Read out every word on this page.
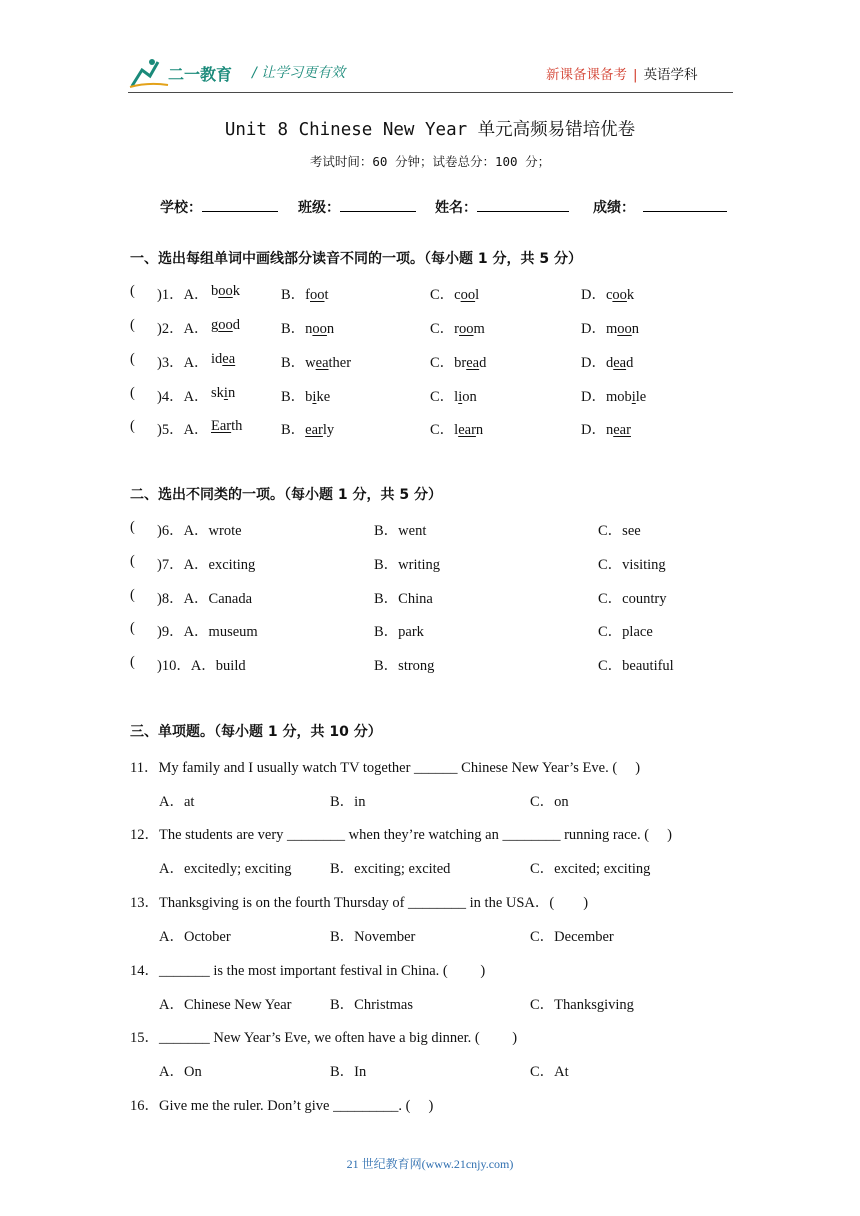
二一教育 / 让学习更有效	新课备课备考 | 英语学科
Unit 8 Chinese New Year 单元高频易错培优卷
考试时间：60 分钟；试卷总分：100 分；
学校：	班级：	姓名：	成绩：
一、选出每组单词中画线部分读音不同的一项。（每小题 1 分，共 5 分）
( )1．A． book	B．foot	C．cool	D．cook
( )2．A． good	B．noon	C．room	D．moon
( )3．A． idea	B．weather	C．bread	D．dead
( )4．A． skin	B．bike	C．lion	D．mobile
( )5．A． Earth	B．early	C．learn	D．near
二、选出不同类的一项。（每小题 1 分，共 5 分）
( )6．A．wrote	B．went	C．see
( )7．A．exciting	B．writing	C．visiting
( )8．A．Canada	B．China	C．country
( )9．A．museum	B．park	C．place
( )10．A．build	B．strong	C．beautiful
三、单项题。（每小题 1 分，共 10 分）
11．My family and I usually watch TV together ______ Chinese New Year’s Eve. (　 )
A．at	B．in	C．on
12．The students are very ________ when they’re watching an ________ running race. (　 )
A．excitedly; exciting	B．exciting; excited	C．excited; exciting
13．Thanksgiving is on the fourth Thursday of ________ in the USA．(　　)
A．October	B．November	C．December
14．_______ is the most important festival in China. (　　 )
A．Chinese New Year	B．Christmas	C．Thanksgiving
15．_______ New Year’s Eve, we often have a big dinner. (　　 )
A．On	B．In	C．At
16．Give me the ruler. Don’t give _________. (　 )
21 世纪教育网(www.21cnjy.com)
